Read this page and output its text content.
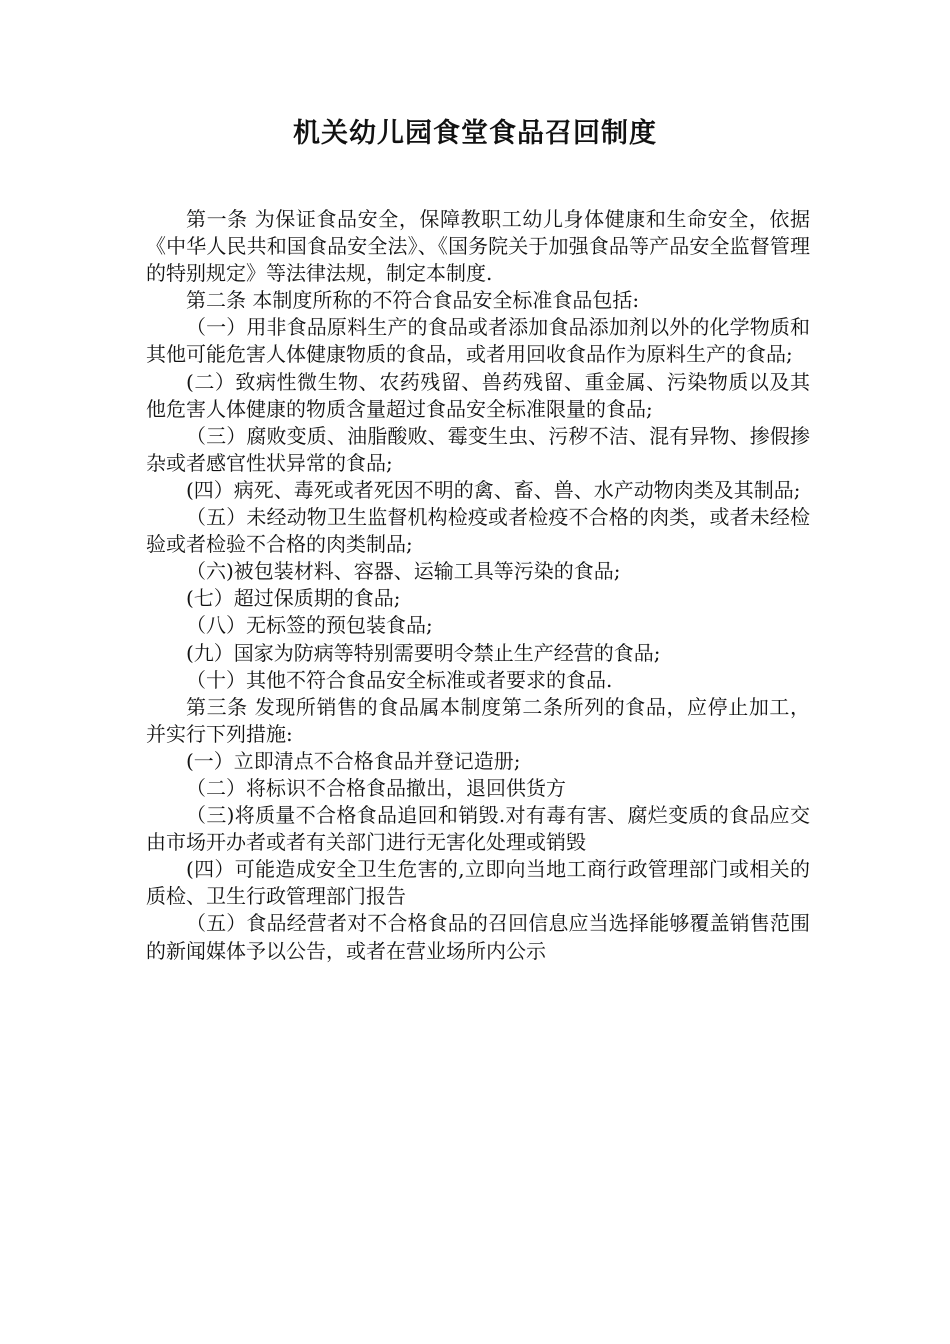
机关幼儿园食堂食品召回制度

第一条 为保证食品安全，保障教职工幼儿身体健康和生命安全，依据《中华人民共和国食品安全法》、《国务院关于加强食品等产品安全监督管理的特别规定》等法律法规，制定本制度.

第二条 本制度所称的不符合食品安全标准食品包括:

（一）用非食品原料生产的食品或者添加食品添加剂以外的化学物质和其他可能危害人体健康物质的食品，或者用回收食品作为原料生产的食品;

(二）致病性微生物、农药残留、兽药残留、重金属、污染物质以及其他危害人体健康的物质含量超过食品安全标准限量的食品;

（三）腐败变质、油脂酸败、霉变生虫、污秽不洁、混有异物、掺假掺杂或者感官性状异常的食品;

(四）病死、毒死或者死因不明的禽、畜、兽、水产动物肉类及其制品;

（五）未经动物卫生监督机构检疫或者检疫不合格的肉类，或者未经检验或者检验不合格的肉类制品;

（六)被包装材料、容器、运输工具等污染的食品;

(七）超过保质期的食品;

（八）无标签的预包装食品;

(九）国家为防病等特别需要明令禁止生产经营的食品;

（十）其他不符合食品安全标准或者要求的食品.

第三条 发现所销售的食品属本制度第二条所列的食品，应停止加工，并实行下列措施:

(一）立即清点不合格食品并登记造册;

（二）将标识不合格食品撤出，退回供货方

（三)将质量不合格食品追回和销毁.对有毒有害、腐烂变质的食品应交由市场开办者或者有关部门进行无害化处理或销毁

(四）可能造成安全卫生危害的,立即向当地工商行政管理部门或相关的质检、卫生行政管理部门报告

（五）食品经营者对不合格食品的召回信息应当选择能够覆盖销售范围的新闻媒体予以公告，或者在营业场所内公示
